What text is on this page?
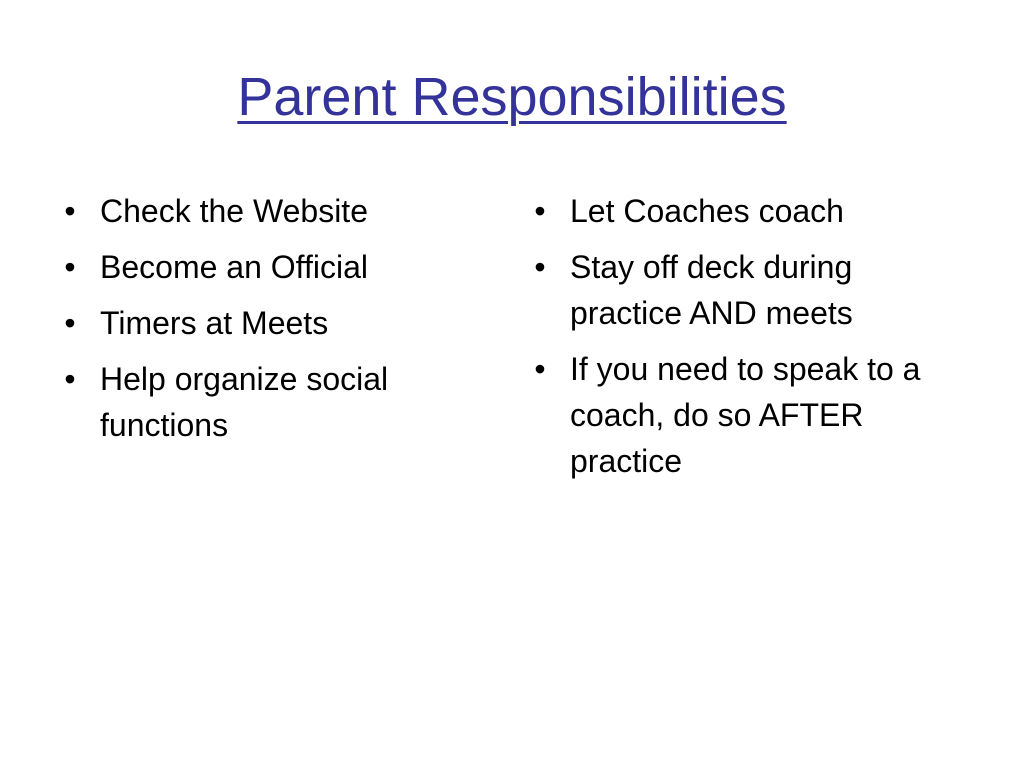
Parent Responsibilities
• Check the Website
• Become an Official
• Timers at Meets
• Help organize social functions
• Let Coaches coach
• Stay off deck during practice AND meets
• If you need to speak to a coach, do so AFTER practice
